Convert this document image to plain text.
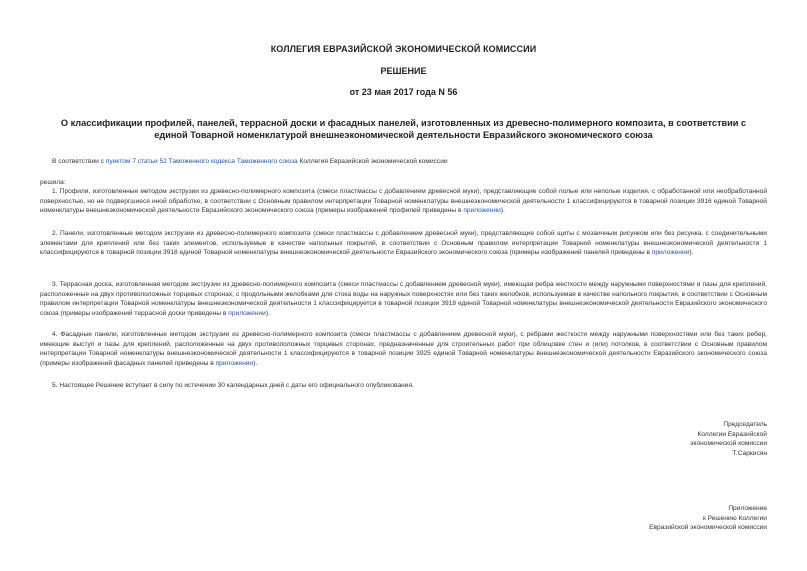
КОЛЛЕГИЯ ЕВРАЗИЙСКОЙ ЭКОНОМИЧЕСКОЙ КОМИССИИ
РЕШЕНИЕ
от 23 мая 2017 года N 56
О классификации профилей, панелей, террасной доски и фасадных панелей, изготовленных из древесно-полимерного композита, в соответствии с единой Товарной номенклатурой внешнеэкономической деятельности Евразийского экономического союза
В соответствии с пунктом 7 статьи 52 Таможенного кодекса Таможенного союза Коллегия Евразийской экономической комиссии
решила:
1. Профили, изготовленные методом экструзии из древесно-полимерного композита (смеси пластмассы с добавлением древесной муки), представляющие собой полые или неполые изделия, с обработанной или необработанной поверхностью, но не подвергшиеся иной обработке, в соответствии с Основным правилом интерпретации Товарной номенклатуры внешнеэкономической деятельности 1 классифицируются в товарной позиции 3916 единой Товарной номенклатуры внешнеэкономической деятельности Евразийского экономического союза (примеры изображений профилей приведены в приложении).
2. Панели, изготовленные методом экструзии из древесно-полимерного композита (смеси пластмассы с добавлением древесной муки), представляющие собой щиты с мозаичным рисунком или без рисунка, с соединительными элементами для креплений или без таких элементов, используемые в качестве напольных покрытий, в соответствии с Основным правилом интерпретации Товарной номенклатуры внешнеэкономической деятельности 1 классифицируются в товарной позиции 3918 единой Товарной номенклатуры внешнеэкономической деятельности Евразийского экономического союза (примеры изображений панелей приведены в приложении).
3. Террасная доска, изготовленная методом экструзии из древесно-полимерного композита (смеси пластмассы с добавлением древесной муки), имеющая ребра жесткости между наружными поверхностями и пазы для креплений, расположенные на двух противоположных торцевых сторонах, с продольными желобками для стока воды на наружных поверхностях или без таких желобков, используемая в качестве напольного покрытия, в соответствии с Основным правилом интерпретации Товарной номенклатуры внешнеэкономической деятельности 1 классифицируется в товарной позиции 3918 единой Товарной номенклатуры внешнеэкономической деятельности Евразийского экономического союза (примеры изображений террасной доски приведены в приложении).
4. Фасадные панели, изготовленные методом экструзии из древесно-полимерного композита (смеси пластмассы с добавлением древесной муки), с ребрами жесткости между наружными поверхностями или без таких ребер, имеющие выступ и пазы для креплений, расположенные на двух противоположных торцевых сторонах, предназначенные для строительных работ при облицовке стен и (или) потолков, в соответствии с Основным правилом интерпретации Товарной номенклатуры внешнеэкономической деятельности 1 классифицируются в товарной позиции 3925 единой Товарной номенклатуры внешнеэкономической деятельности Евразийского экономического союза (примеры изображений фасадных панелей приведены в приложении).
5. Настоящее Решение вступает в силу по истечении 30 календарных дней с даты его официального опубликования.
Председатель
Коллегии Евразийской
экономической комиссии
Т.Саркисян
Приложение
к Решению Коллегии
Евразийской экономической комиссии
